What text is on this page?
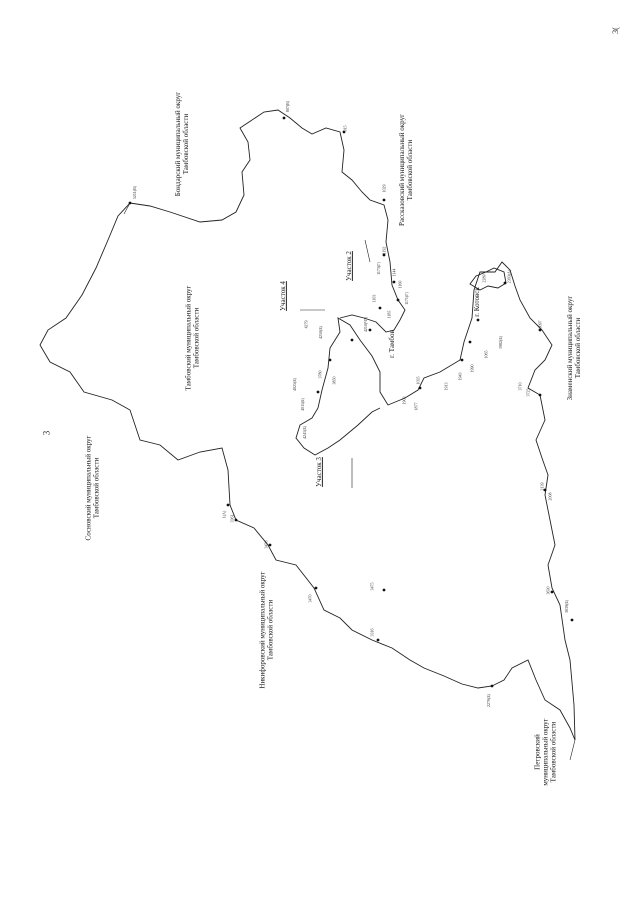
3
3(
Сосновский муниципальный округ Тамбовской области
Бондарский муниципальный округ Тамбовской области
Тамбовский муниципальный округ Тамбовской области
Рассказовский муниципальный округ Тамбовской области
Никифоровский муниципальный округ Тамбовской области
Петровский муниципальный округ Тамбовской области
Знаменский муниципальный округ Тамбовской области
г. Тамбов
г. Котовск
Участок 2
Участок 3
Участок 4
5211(В)
807(В)
915
1029
1192
1173(Г)	1144
1160
1171(Г)
1185
1103
4210(Ч3)
4250(Б)
4279
1035
1903
1877
1913
1943
1065
1982(Б)
1990
2303(А)
2289
3097
3710
3725
2139
2008
3630
3639(Б)
1(А) 3361
3428
3475
3470
3316
2270(Б)
3780
3850
4025(Б)
4011(Б)
4241(Б)
